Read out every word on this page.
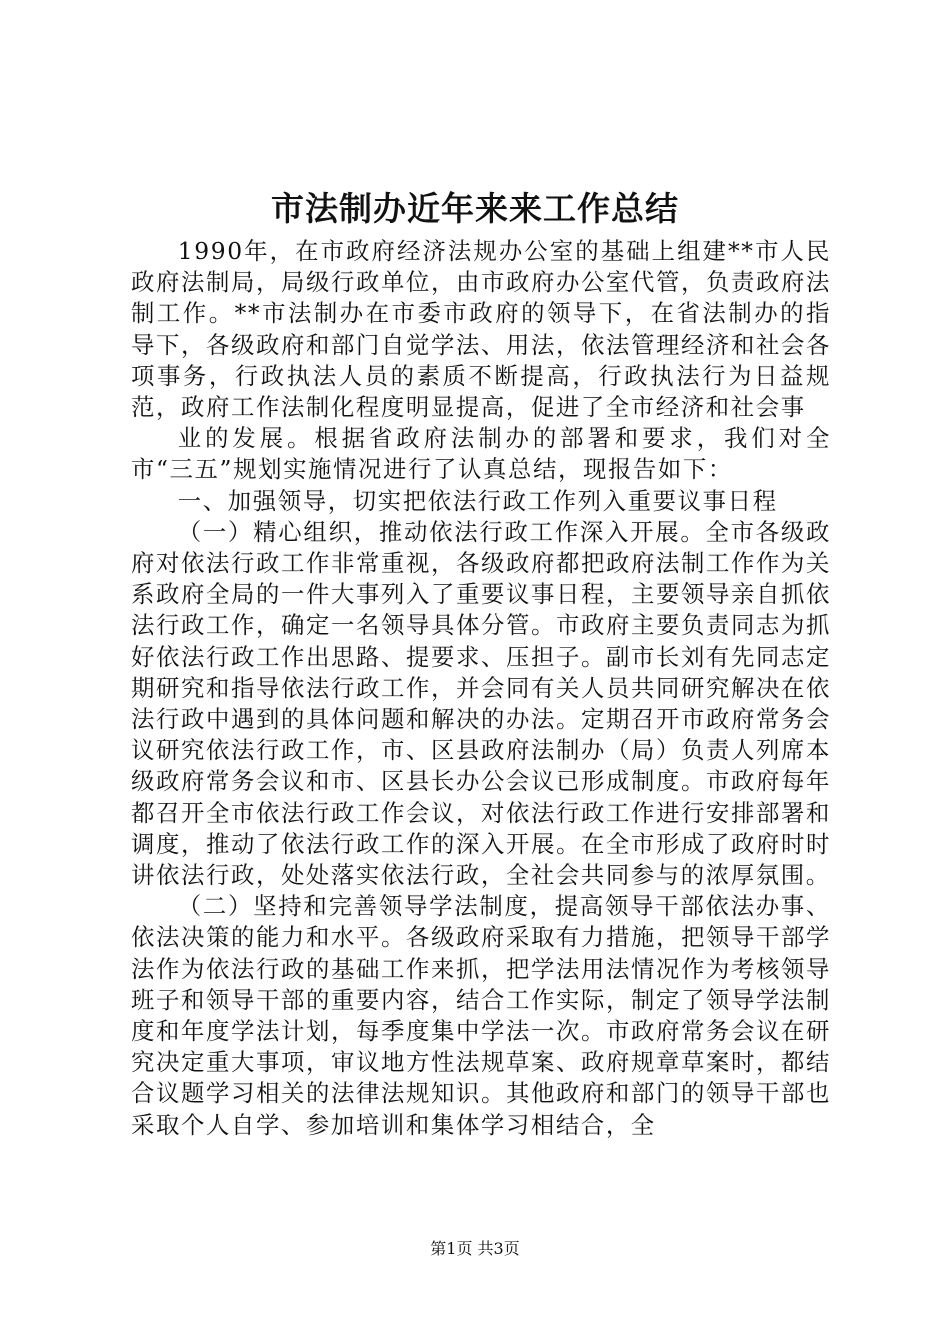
市法制办近年来来工作总结

1990年，在市政府经济法规办公室的基础上组建**市人民政府法制局，局级行政单位，由市政府办公室代管，负责政府法制工作。**市法制办在市委市政府的领导下，在省法制办的指导下，各级政府和部门自觉学法、用法，依法管理经济和社会各项事务，行政执法人员的素质不断提高，行政执法行为日益规范，政府工作法制化程度明显提高，促进了全市经济和社会事

业的发展。根据省政府法制办的部署和要求，我们对全市“三五”规划实施情况进行了认真总结，现报告如下：

一、加强领导，切实把依法行政工作列入重要议事日程

（一）精心组织，推动依法行政工作深入开展。全市各级政府对依法行政工作非常重视，各级政府都把政府法制工作作为关系政府全局的一件大事列入了重要议事日程，主要领导亲自抓依法行政工作，确定一名领导具体分管。市政府主要负责同志为抓好依法行政工作出思路、提要求、压担子。副市长刘有先同志定期研究和指导依法行政工作，并会同有关人员共同研究解决在依法行政中遇到的具体问题和解决的办法。定期召开市政府常务会议研究依法行政工作，市、区县政府法制办（局）负责人列席本级政府常务会议和市、区县长办公会议已形成制度。市政府每年都召开全市依法行政工作会议，对依法行政工作进行安排部署和调度，推动了依法行政工作的深入开展。在全市形成了政府时时讲依法行政，处处落实依法行政，全社会共同参与的浓厚氛围。

（二）坚持和完善领导学法制度，提高领导干部依法办事、依法决策的能力和水平。各级政府采取有力措施，把领导干部学法作为依法行政的基础工作来抓，把学法用法情况作为考核领导班子和领导干部的重要内容，结合工作实际，制定了领导学法制度和年度学法计划，每季度集中学法一次。市政府常务会议在研究决定重大事项，审议地方性法规草案、政府规章草案时，都结合议题学习相关的法律法规知识。其他政府和部门的领导干部也采取个人自学、参加培训和集体学习相结合，全

第1页 共3页
